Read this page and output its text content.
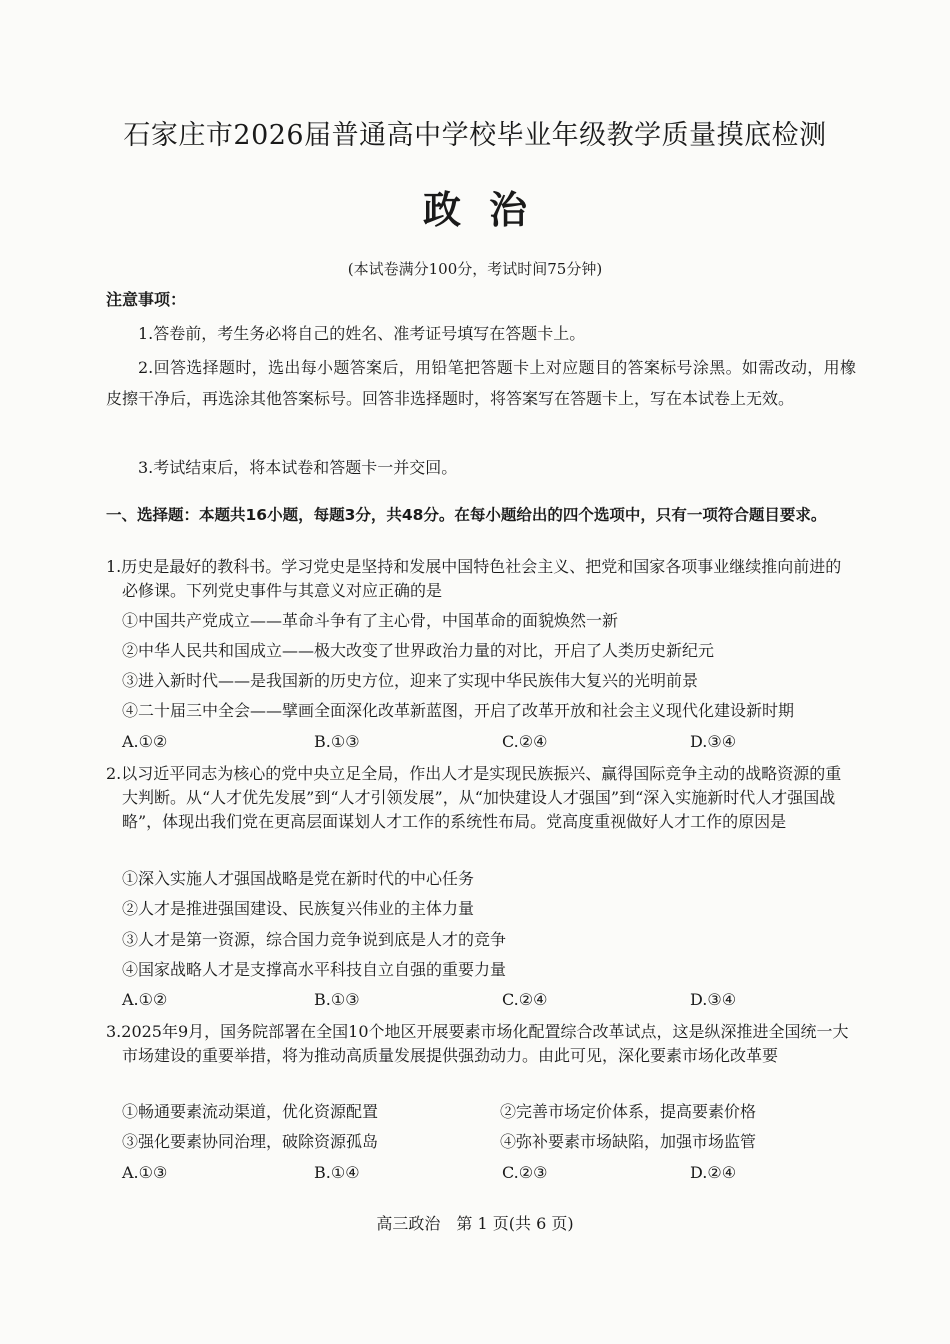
石家庄市2026届普通高中学校毕业年级教学质量摸底检测
政治
(本试卷满分100分，考试时间75分钟)
注意事项：
1.答卷前，考生务必将自己的姓名、准考证号填写在答题卡上。
2.回答选择题时，选出每小题答案后，用铅笔把答题卡上对应题目的答案标号涂黑。如需改动，用橡皮擦干净后，再选涂其他答案标号。回答非选择题时，将答案写在答题卡上，写在本试卷上无效。
3.考试结束后，将本试卷和答题卡一并交回。
一、选择题：本题共16小题，每题3分，共48分。在每小题给出的四个选项中，只有一项符合题目要求。
1.历史是最好的教科书。学习党史是坚持和发展中国特色社会主义、把党和国家各项事业继续推向前进的必修课。下列党史事件与其意义对应正确的是
①中国共产党成立——革命斗争有了主心骨，中国革命的面貌焕然一新
②中华人民共和国成立——极大改变了世界政治力量的对比，开启了人类历史新纪元
③进入新时代——是我国新的历史方位，迎来了实现中华民族伟大复兴的光明前景
④二十届三中全会——擘画全面深化改革新蓝图，开启了改革开放和社会主义现代化建设新时期
A.①②	B.①③	C.②④	D.③④
2.以习近平同志为核心的党中央立足全局，作出人才是实现民族振兴、赢得国际竞争主动的战略资源的重大判断。从“人才优先发展”到“人才引领发展”，从“加快建设人才强国”到“深入实施新时代人才强国战略”，体现出我们党在更高层面谋划人才工作的系统性布局。党高度重视做好人才工作的原因是
①深入实施人才强国战略是党在新时代的中心任务
②人才是推进强国建设、民族复兴伟业的主体力量
③人才是第一资源，综合国力竞争说到底是人才的竞争
④国家战略人才是支撑高水平科技自立自强的重要力量
A.①②	B.①③	C.②④	D.③④
3.2025年9月，国务院部署在全国10个地区开展要素市场化配置综合改革试点，这是纵深推进全国统一大市场建设的重要举措，将为推动高质量发展提供强劲动力。由此可见，深化要素市场化改革要
①畅通要素流动渠道，优化资源配置	②完善市场定价体系，提高要素价格
③强化要素协同治理，破除资源孤岛	④弥补要素市场缺陷，加强市场监管
A.①③	B.①④	C.②③	D.②④
高三政治　第 1 页(共 6 页)
